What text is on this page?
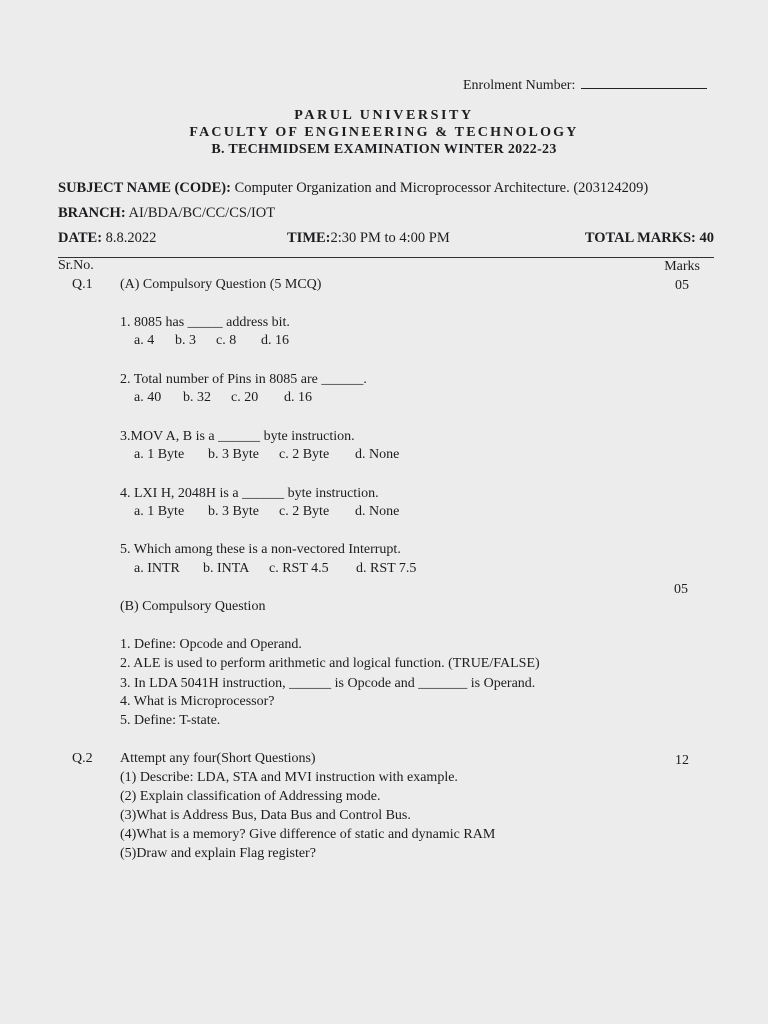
Enrolment Number:
PARUL UNIVERSITY
FACULTY OF ENGINEERING & TECHNOLOGY
B. TECHMIDSEM EXAMINATION WINTER 2022-23
SUBJECT NAME (CODE): Computer Organization and Microprocessor Architecture. (203124209)
BRANCH: AI/BDA/BC/CC/CS/IOT
DATE: 8.8.2022	TIME:2:30 PM to 4:00 PM	TOTAL MARKS: 40
Sr.No.	Marks
Q.1 (A) Compulsory Question (5 MCQ)	05
1. 8085 has _____ address bit.
a. 4 b. 3 c. 8 d. 16
2. Total number of Pins in 8085 are ______.
a. 40 b. 32 c. 20 d. 16
3.MOV A, B is a ______ byte instruction.
a. 1 Byte b. 3 Byte c. 2 Byte d. None
4. LXI H, 2048H is a ______ byte instruction.
a. 1 Byte b. 3 Byte c. 2 Byte d. None
5. Which among these is a non-vectored Interrupt.
a. INTR b. INTA c. RST 4.5 d. RST 7.5
05
(B) Compulsory Question
1. Define: Opcode and Operand.
2. ALE is used to perform arithmetic and logical function. (TRUE/FALSE)
3. In LDA 5041H instruction, ______ is Opcode and _______ is Operand.
4. What is Microprocessor?
5. Define: T-state.
Q.2 Attempt any four(Short Questions)	12
(1) Describe: LDA, STA and MVI instruction with example.
(2) Explain classification of Addressing mode.
(3)What is Address Bus, Data Bus and Control Bus.
(4)What is a memory? Give difference of static and dynamic RAM
(5)Draw and explain Flag register?
